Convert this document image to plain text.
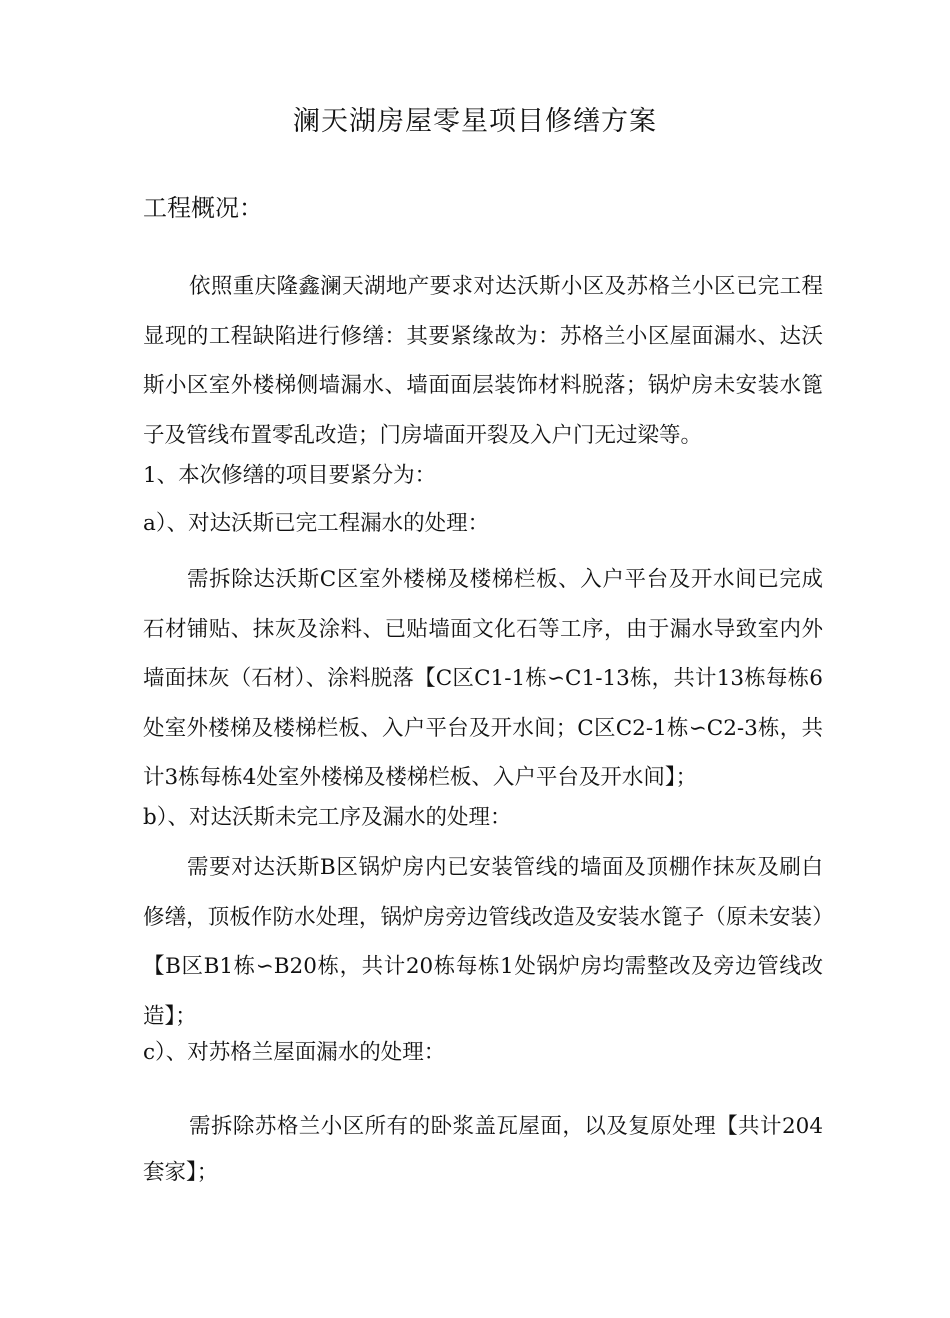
澜天湖房屋零星项目修缮方案
工程概况：
依照重庆隆鑫澜天湖地产要求对达沃斯小区及苏格兰小区已完工程显现的工程缺陷进行修缮：其要紧缘故为：苏格兰小区屋面漏水、达沃斯小区室外楼梯侧墙漏水、墙面面层装饰材料脱落；锅炉房未安装水篦子及管线布置零乱改造；门房墙面开裂及入户门无过梁等。
1、本次修缮的项目要紧分为：
a）、对达沃斯已完工程漏水的处理：
需拆除达沃斯C区室外楼梯及楼梯栏板、入户平台及开水间已完成石材铺贴、抹灰及涂料、已贴墙面文化石等工序，由于漏水导致室内外墙面抹灰（石材）、涂料脱落【C区C1-1栋∽C1-13栋，共计13栋每栋6处室外楼梯及楼梯栏板、入户平台及开水间；C区C2-1栋∽C2-3栋，共计3栋每栋4处室外楼梯及楼梯栏板、入户平台及开水间】；
b）、对达沃斯未完工序及漏水的处理：
需要对达沃斯B区锅炉房内已安装管线的墙面及顶棚作抹灰及刷白修缮，顶板作防水处理，锅炉房旁边管线改造及安装水篦子（原未安装）【B区B1栋∽B20栋，共计20栋每栋1处锅炉房均需整改及旁边管线改造】；
c）、对苏格兰屋面漏水的处理：
需拆除苏格兰小区所有的卧浆盖瓦屋面，以及复原处理【共计204套家】；
